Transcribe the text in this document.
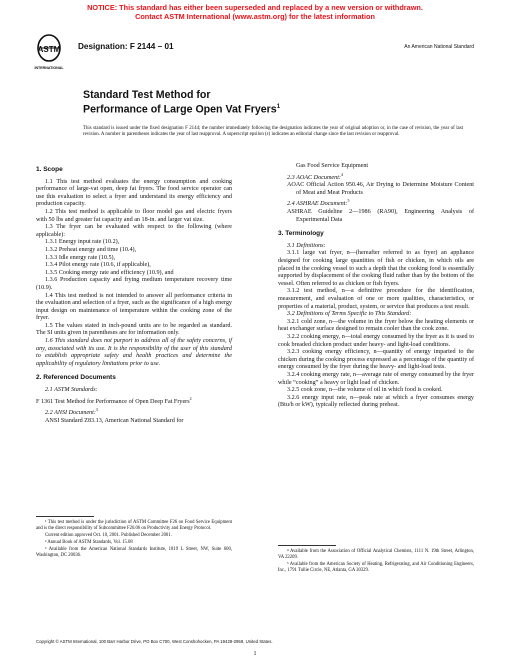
NOTICE: This standard has either been superseded and replaced by a new version or withdrawn.
Contact ASTM International (www.astm.org) for the latest information
ASTM
INTERNATIONAL
Designation: F 2144 – 01	An American National Standard
Standard Test Method for
Performance of Large Open Vat Fryers$^1$
This standard is issued under the fixed designation F 2144; the number immediately following the designation indicates the year of original adoption or, in the case of revision, the year of last revision. A number in parentheses indicates the year of last reapproval. A superscript epsilon (ε) indicates an editorial change since the last revision or reapproval.

1. Scope

1.1 This test method evaluates the energy consumption and cooking performance of large-vat open, deep fat fryers. The food service operator can use this evaluation to select a fryer and understand its energy efficiency and production capacity.

1.2 This test method is applicable to floor model gas and electric fryers with 50 lbs and greater fat capacity and an 18-in. and larger vat size.

1.3 The fryer can be evaluated with respect to the following (where applicable):

1.3.1 Energy input rate (10.2),

1.3.2 Preheat energy and time (10.4),

1.3.3 Idle energy rate (10.5),

1.3.4 Pilot energy rate (10.6, if applicable),

1.3.5 Cooking energy rate and efficiency (10.9), and

1.3.6 Production capacity and frying medium temperature recovery time (10.9).

1.4 This test method is not intended to answer all performance criteria in the evaluation and selection of a fryer, such as the significance of a high energy input design on maintenance of temperature within the cooking zone of the fryer.

1.5 The values stated in inch-pound units are to be regarded as standard. The SI units given in parentheses are for information only.

1.6 This standard does not purport to address all of the safety concerns, if any, associated with its use. It is the responsibility of the user of this standard to establish appropriate safety and health practices and determine the applicability of regulatory limitations prior to use.

2. Referenced Documents

2.1 ASTM Standards:

F 1361 Test Method for Performance of Open Deep Fat Fryers$^2$

2.2 ANSI Document:$^3$

ANSI Standard Z83.13, American National Standard for

Gas Food Service Equipment

2.3 AOAC Document:$^4$

AOAC Official Action 950.46, Air Drying to Determine Moisture Content of Meat and Meat Products

2.4 ASHRAE Document:$^5$

ASHRAE Guideline 2—1986 (RA90), Engineering Analysis of Experimental Data

3. Terminology

3.1 Definitions:

3.1.1 large vat fryer, n—(hereafter referred to as fryer) an appliance designed for cooking large quantities of fish or chicken, in which oils are placed in the cooking vessel to such a depth that the cooking food is essentially supported by displacement of the cooking fluid rather than by the bottom of the vessel. Often referred to as chicken or fish fryers.

3.1.2 test method, n—a definitive procedure for the identification, measurement, and evaluation of one or more qualities, characteristics, or properties of a material, product, system, or service that produces a test result.

3.2 Definitions of Terms Specific to This Standard:

3.2.1 cold zone, n—the volume in the fryer below the heating elements or heat exchanger surface designed to remain cooler than the cook zone.

3.2.2 cooking energy, n—total energy consumed by the fryer as it is used to cook breaded chicken product under heavy- and light-load conditions.

3.2.3 cooking energy efficiency, n—quantity of energy imparted to the chicken during the cooking process expressed as a percentage of the quantity of energy consumed by the fryer during the heavy- and light-load tests.

3.2.4 cooking energy rate, n—average rate of energy consumed by the fryer while “cooking” a heavy or light load of chicken.

3.2.5 cook zone, n—the volume of oil in which food is cooked.

3.2.6 energy input rate, n—peak rate at which a fryer consumes energy (Btu/h or kW), typically reflected during preheat.

¹ This test method is under the jurisdiction of ASTM Committee F26 on Food Service Equipment and is the direct responsibility of Subcommittee F26.06 on Productivity and Energy Protocol.

Current edition approved Oct. 10, 2001. Published December 2001.

² Annual Book of ASTM Standards, Vol. 15.08

³ Available from the American National Standards Institute, 1819 L Street, NW, Suite 600, Washington, DC 20036.

⁴ Available from the Association of Official Analytical Chemists, 1111 N. 19th Street, Arlington, VA 22209.

⁵ Available from the American Society of Heating, Refrigerating, and Air Conditioning Engineers, Inc., 1791 Tullie Circle, NE, Atlanta, GA 30329.

Copyright © ASTM International, 100 Barr Harbor Drive, PO Box C700, West Conshohocken, PA 19428-2959, United States.
1
